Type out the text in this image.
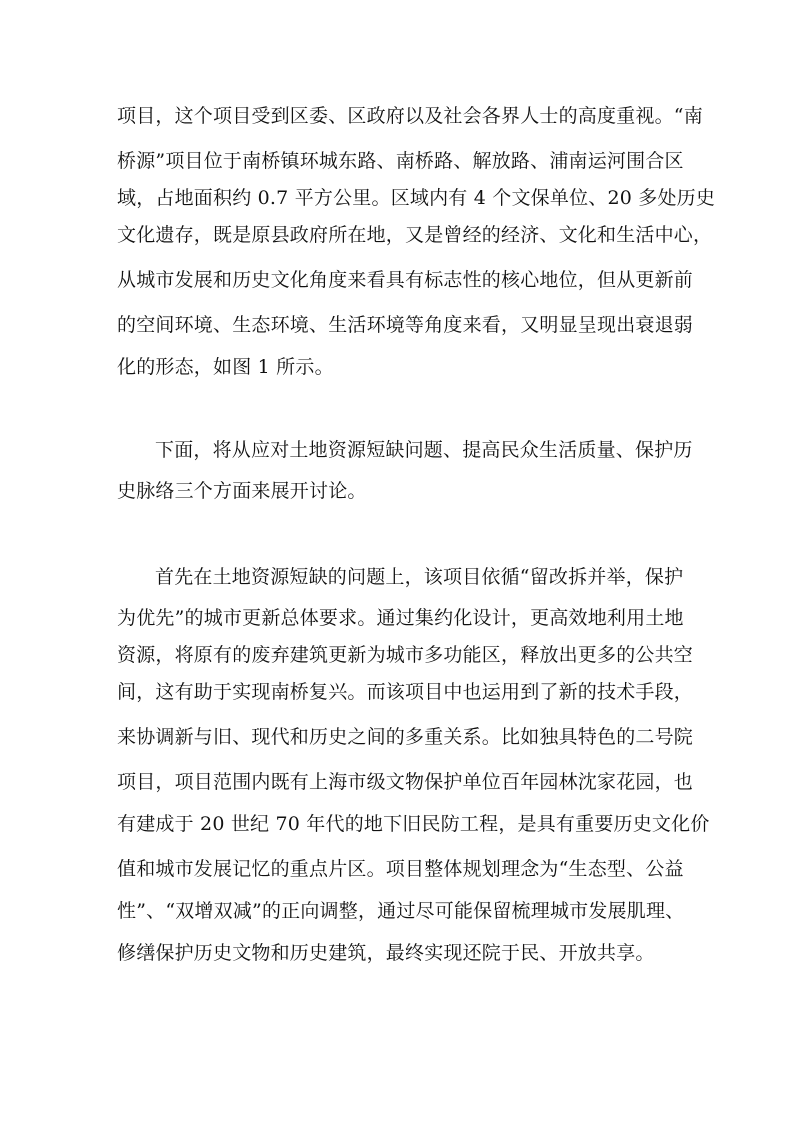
项目，这个项目受到区委、区政府以及社会各界人士的高度重视。“南
桥源”项目位于南桥镇环城东路、南桥路、解放路、浦南运河围合区
域，占地面积约 0.7 平方公里。区域内有 4 个文保单位、20 多处历史
文化遗存，既是原县政府所在地，又是曾经的经济、文化和生活中心，
从城市发展和历史文化角度来看具有标志性的核心地位，但从更新前
的空间环境、生态环境、生活环境等角度来看，又明显呈现出衰退弱
化的形态，如图 1 所示。
下面，将从应对土地资源短缺问题、提高民众生活质量、保护历
史脉络三个方面来展开讨论。
首先在土地资源短缺的问题上，该项目依循“留改拆并举，保护
为优先”的城市更新总体要求。通过集约化设计，更高效地利用土地
资源，将原有的废弃建筑更新为城市多功能区，释放出更多的公共空
间，这有助于实现南桥复兴。而该项目中也运用到了新的技术手段，
来协调新与旧、现代和历史之间的多重关系。比如独具特色的二号院
项目，项目范围内既有上海市级文物保护单位百年园林沈家花园，也
有建成于 20 世纪 70 年代的地下旧民防工程，是具有重要历史文化价
值和城市发展记忆的重点片区。项目整体规划理念为“生态型、公益
性”、“双增双减”的正向调整，通过尽可能保留梳理城市发展肌理、
修缮保护历史文物和历史建筑，最终实现还院于民、开放共享。
